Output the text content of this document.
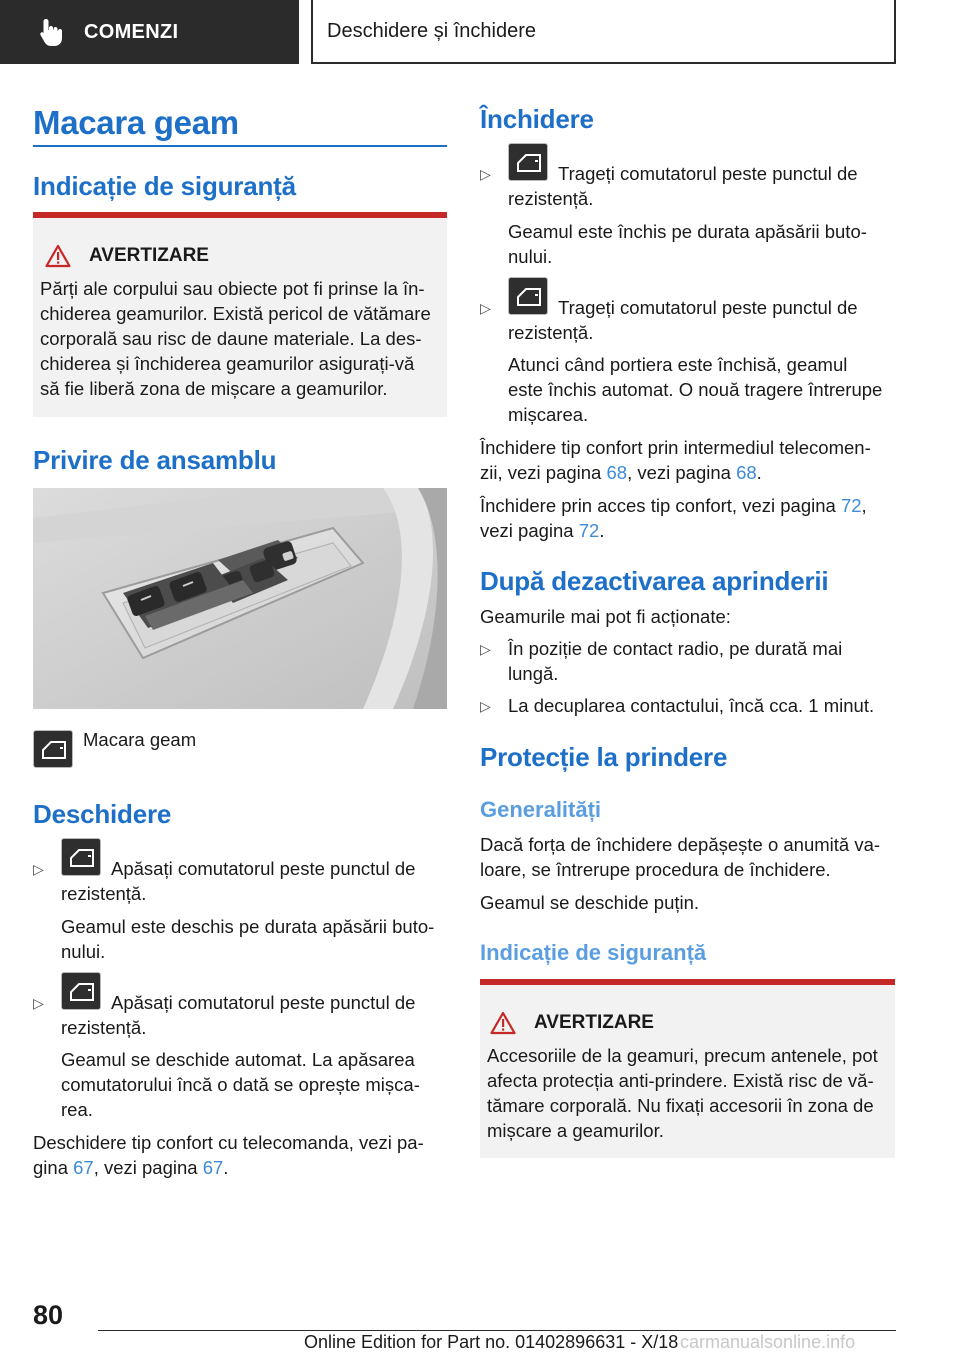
COMENZI	Deschidere și închidere
Macara geam
Indicație de siguranță
AVERTIZARE
Părți ale corpului sau obiecte pot fi prinse la în-
chiderea geamurilor. Există pericol de vătămare
corporală sau risc de daune materiale. La des-
chiderea și închiderea geamurilor asigurați-vă
să fie liberă zona de mișcare a geamurilor.
Privire de ansamblu
Macara geam
Deschidere
▷	Apăsați comutatorul peste punctul de
rezistență.
Geamul este deschis pe durata apăsării buto-
nului.
▷	Apăsați comutatorul peste punctul de
rezistență.
Geamul se deschide automat. La apăsarea
comutatorului încă o dată se oprește mișca-
rea.
Deschidere tip confort cu telecomanda, vezi pa-
gina 67, vezi pagina 67.
Închidere
▷	Trageți comutatorul peste punctul de
rezistență.
Geamul este închis pe durata apăsării buto-
nului.
▷	Trageți comutatorul peste punctul de
rezistență.
Atunci când portiera este închisă, geamul
este închis automat. O nouă tragere întrerupe
mișcarea.
Închidere tip confort prin intermediul telecomen-
zii, vezi pagina 68, vezi pagina 68.
Închidere prin acces tip confort, vezi pagina 72,
vezi pagina 72.
După dezactivarea aprinderii
Geamurile mai pot fi acționate:
▷ În poziție de contact radio, pe durată mai
lungă.
▷ La decuplarea contactului, încă cca. 1 minut.
Protecție la prindere
Generalități
Dacă forța de închidere depășește o anumită va-
loare, se întrerupe procedura de închidere.
Geamul se deschide puțin.
Indicație de siguranță
AVERTIZARE
Accesoriile de la geamuri, precum antenele, pot
afecta protecția anti-prindere. Există risc de vă-
tămare corporală. Nu fixați accesorii în zona de
mișcare a geamurilor.
80
Online Edition for Part no. 01402896631 - X/18 carmanualsonline.info
